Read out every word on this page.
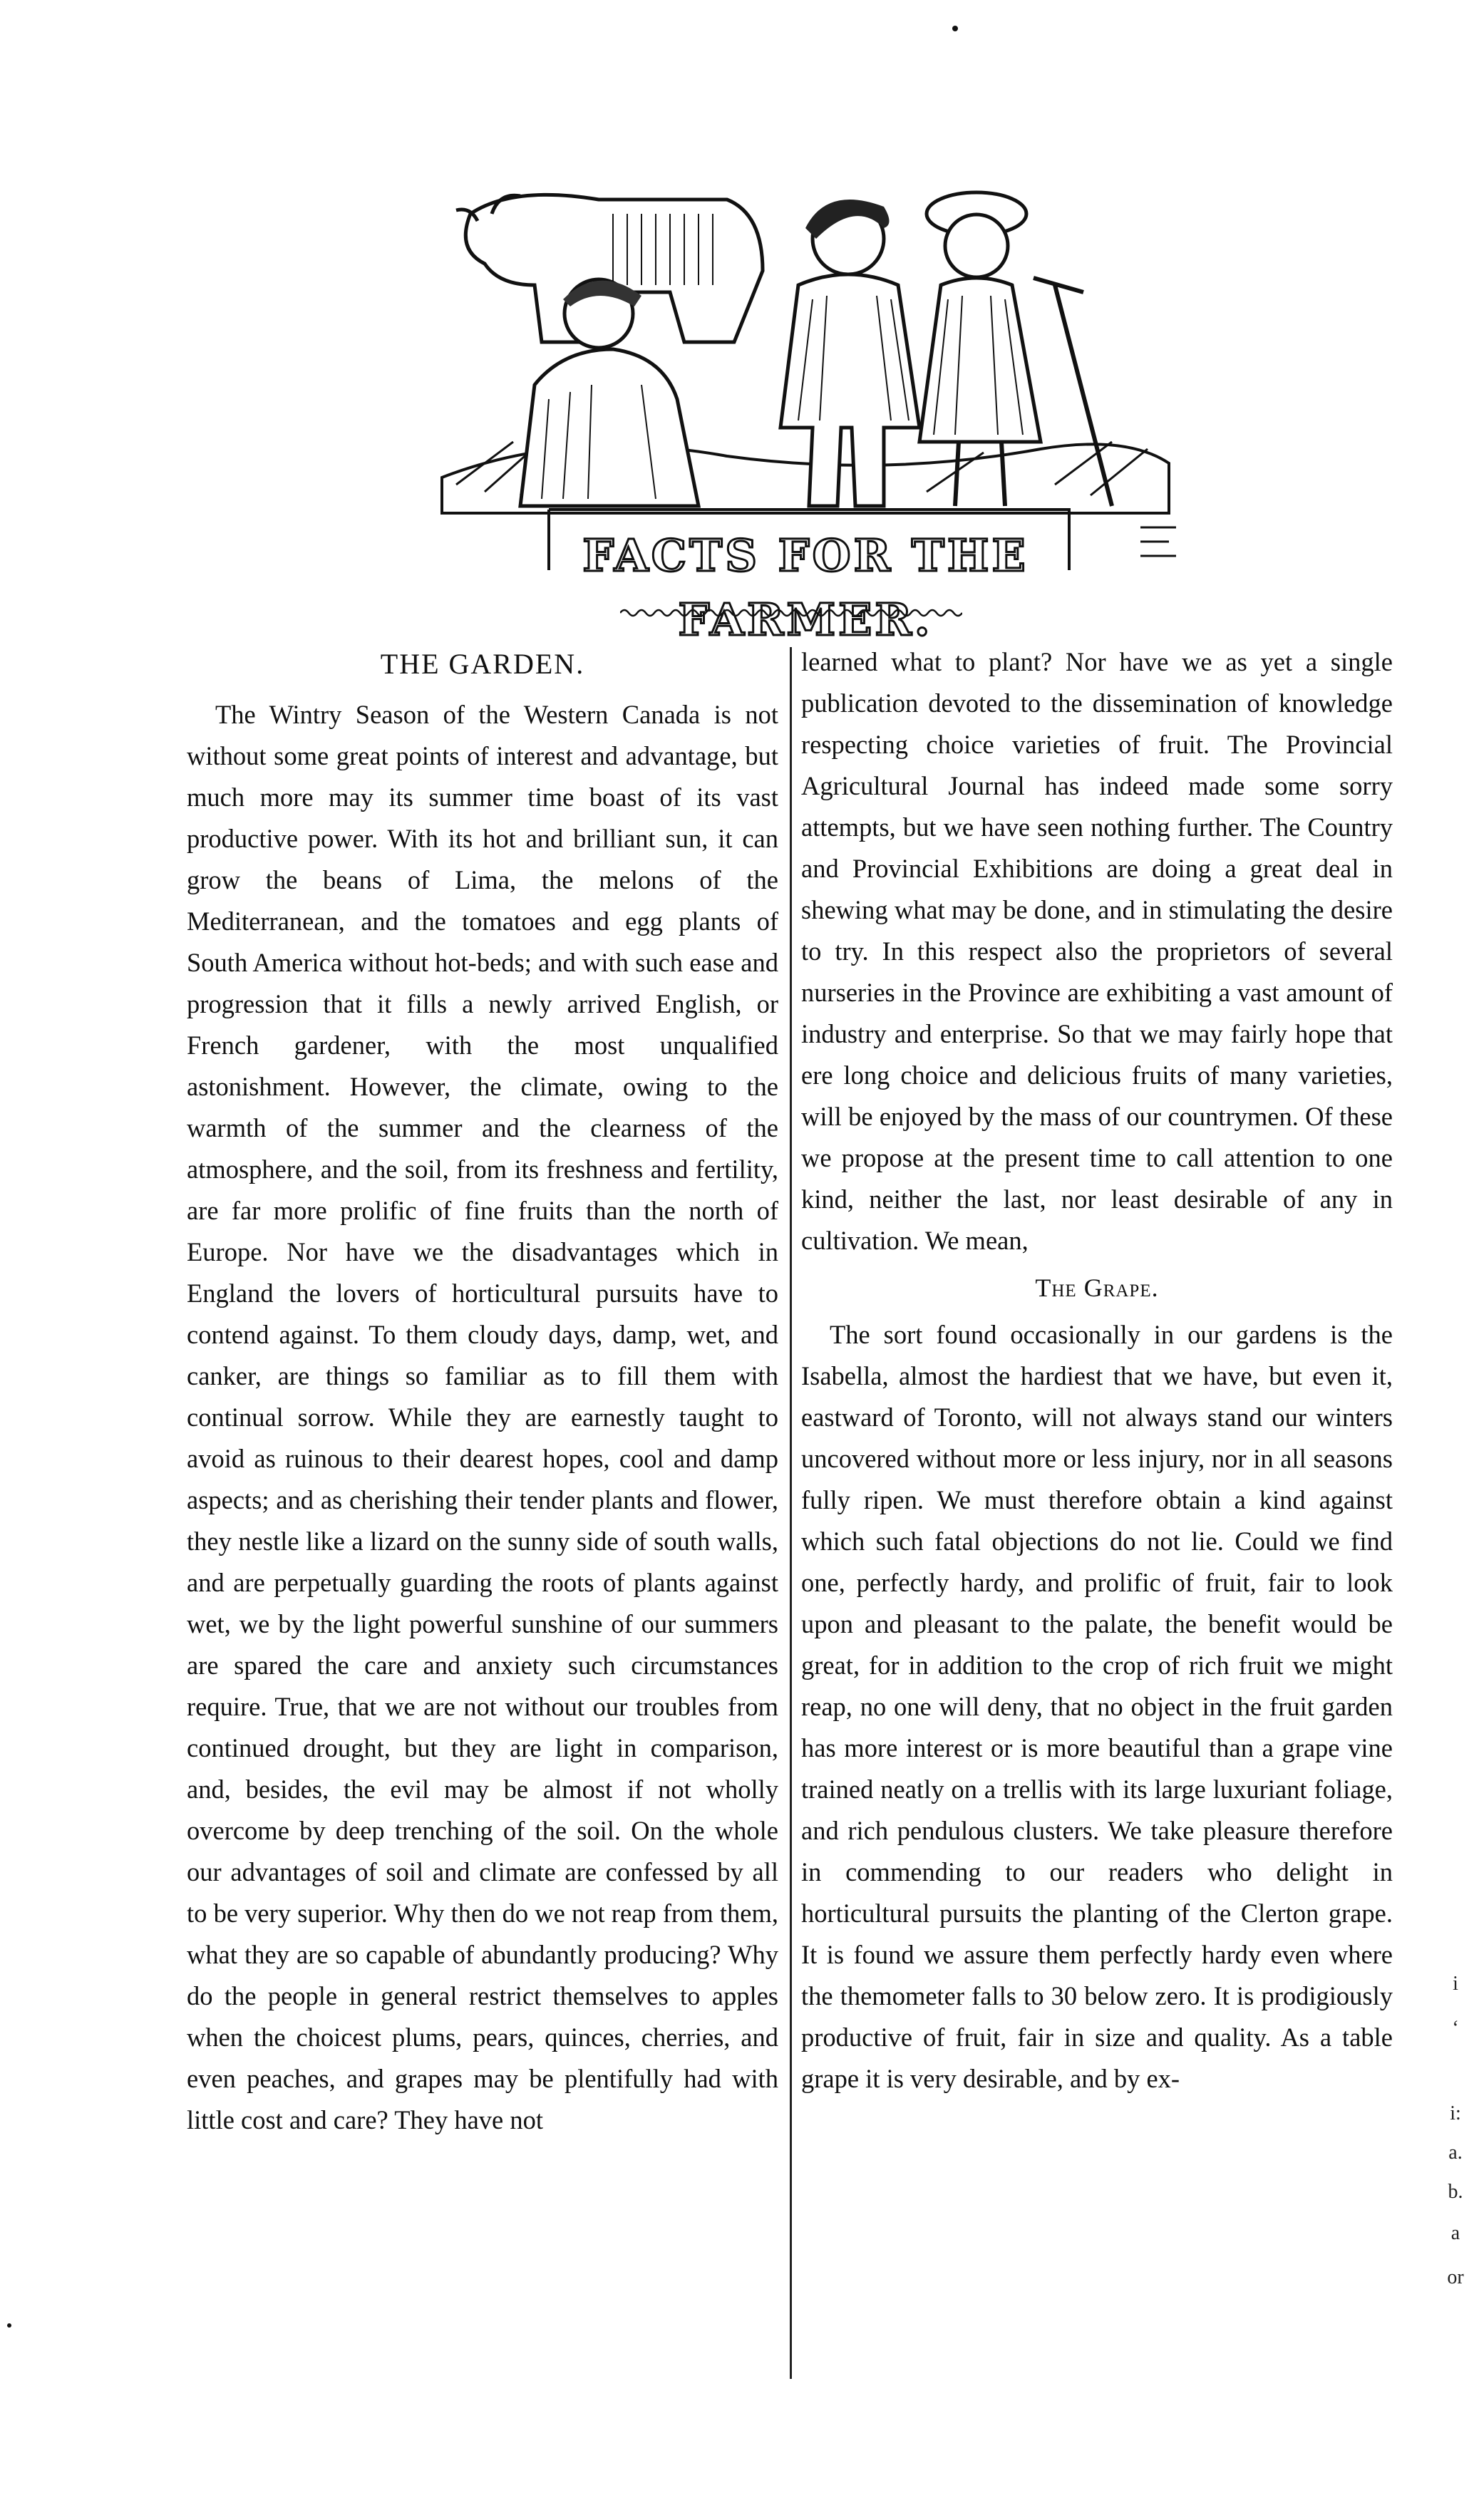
FACTS FOR THE FARMER.
THE GARDEN.

The Wintry Season of the Western Canada is not without some great points of interest and advantage, but much more may its summer time boast of its vast productive power. With its hot and brilliant sun, it can grow the beans of Lima, the melons of the Mediterranean, and the tomatoes and egg plants of South America without hot-beds; and with such ease and progression that it fills a newly arrived English, or French gardener, with the most unqualified astonishment. However, the climate, owing to the warmth of the summer and the clearness of the atmosphere, and the soil, from its freshness and fertility, are far more prolific of fine fruits than the north of Europe. Nor have we the disadvantages which in England the lovers of horticultural pursuits have to contend against. To them cloudy days, damp, wet, and canker, are things so familiar as to fill them with continual sorrow. While they are earnestly taught to avoid as ruinous to their dearest hopes, cool and damp aspects; and as cherishing their tender plants and flower, they nestle like a lizard on the sunny side of south walls, and are perpetually guarding the roots of plants against wet, we by the light powerful sunshine of our summers are spared the care and anxiety such circumstances require. True, that we are not without our troubles from continued drought, but they are light in comparison, and, besides, the evil may be almost if not wholly overcome by deep trenching of the soil. On the whole our advantages of soil and climate are confessed by all to be very superior. Why then do we not reap from them, what they are so capable of abundantly producing? Why do the people in general restrict themselves to apples when the choicest plums, pears, quinces, cherries, and even peaches, and grapes may be plentifully had with little cost and care? They have not

learned what to plant? Nor have we as yet a single publication devoted to the dissemination of knowledge respecting choice varieties of fruit. The Provincial Agricultural Journal has indeed made some sorry attempts, but we have seen nothing further. The Country and Provincial Exhibitions are doing a great deal in shewing what may be done, and in stimulating the desire to try. In this respect also the proprietors of several nurseries in the Province are exhibiting a vast amount of industry and enterprise. So that we may fairly hope that ere long choice and delicious fruits of many varieties, will be enjoyed by the mass of our countrymen. Of these we propose at the present time to call attention to one kind, neither the last, nor least desirable of any in cultivation. We mean,

The Grape.

The sort found occasionally in our gardens is the Isabella, almost the hardiest that we have, but even it, eastward of Toronto, will not always stand our winters uncovered without more or less injury, nor in all seasons fully ripen. We must therefore obtain a kind against which such fatal objections do not lie. Could we find one, perfectly hardy, and prolific of fruit, fair to look upon and pleasant to the palate, the benefit would be great, for in addition to the crop of rich fruit we might reap, no one will deny, that no object in the fruit garden has more interest or is more beautiful than a grape vine trained neatly on a trellis with its large luxuriant foliage, and rich pendulous clusters. We take pleasure therefore in commending to our readers who delight in horticultural pursuits the planting of the Clerton grape. It is found we assure them perfectly hardy even where the themometer falls to 30 below zero. It is prodigiously productive of fruit, fair in size and quality. As a table grape it is very desirable, and by ex-

i
‘
i:
a.
b.
a
or
